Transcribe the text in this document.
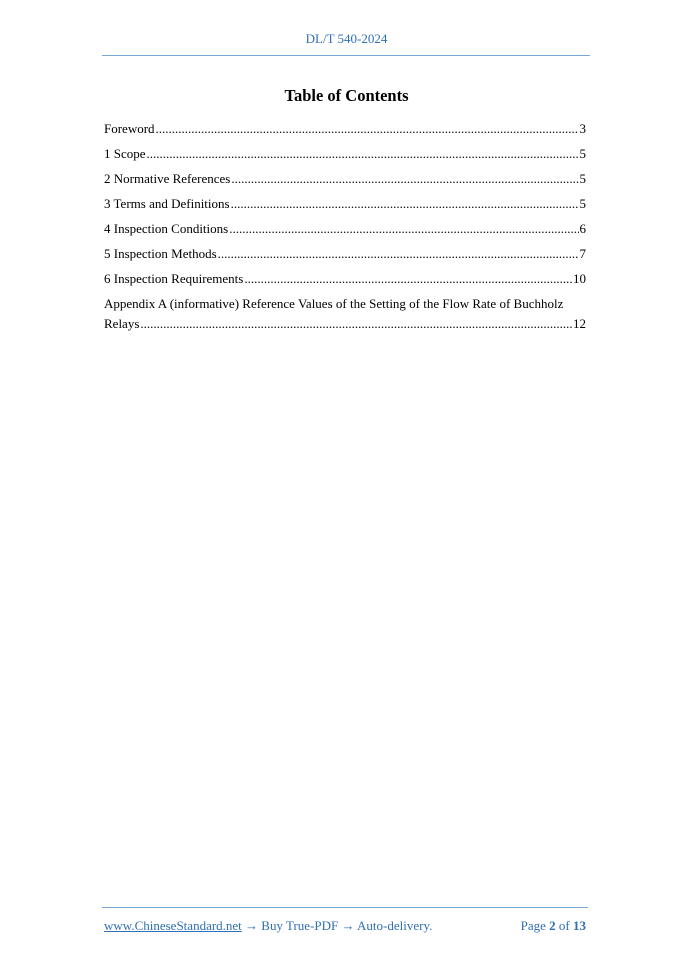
DL/T 540-2024
Table of Contents
Foreword .....	3
1 Scope .....	5
2 Normative References .....	5
3 Terms and Definitions .....	5
4 Inspection Conditions .....	6
5 Inspection Methods .....	7
6 Inspection Requirements .....	10
Appendix A (informative) Reference Values of the Setting of the Flow Rate of Buchholz
Relays .....	12
www.ChineseStandard.net → Buy True-PDF → Auto-delivery.	Page 2 of 13
